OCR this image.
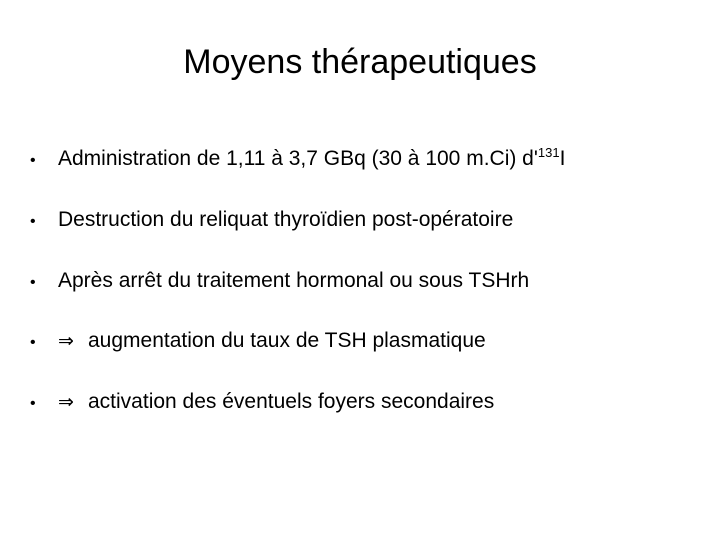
Moyens thérapeutiques
• Administration de 1,11 à 3,7 GBq (30 à 100 m.Ci) $d'^{131}I$
• Destruction du reliquat thyroïdien post-opératoire
• Après arrêt du traitement hormonal ou sous TSHrh
• ⇒ augmentation du taux de TSH plasmatique
• ⇒ activation des éventuels foyers secondaires
